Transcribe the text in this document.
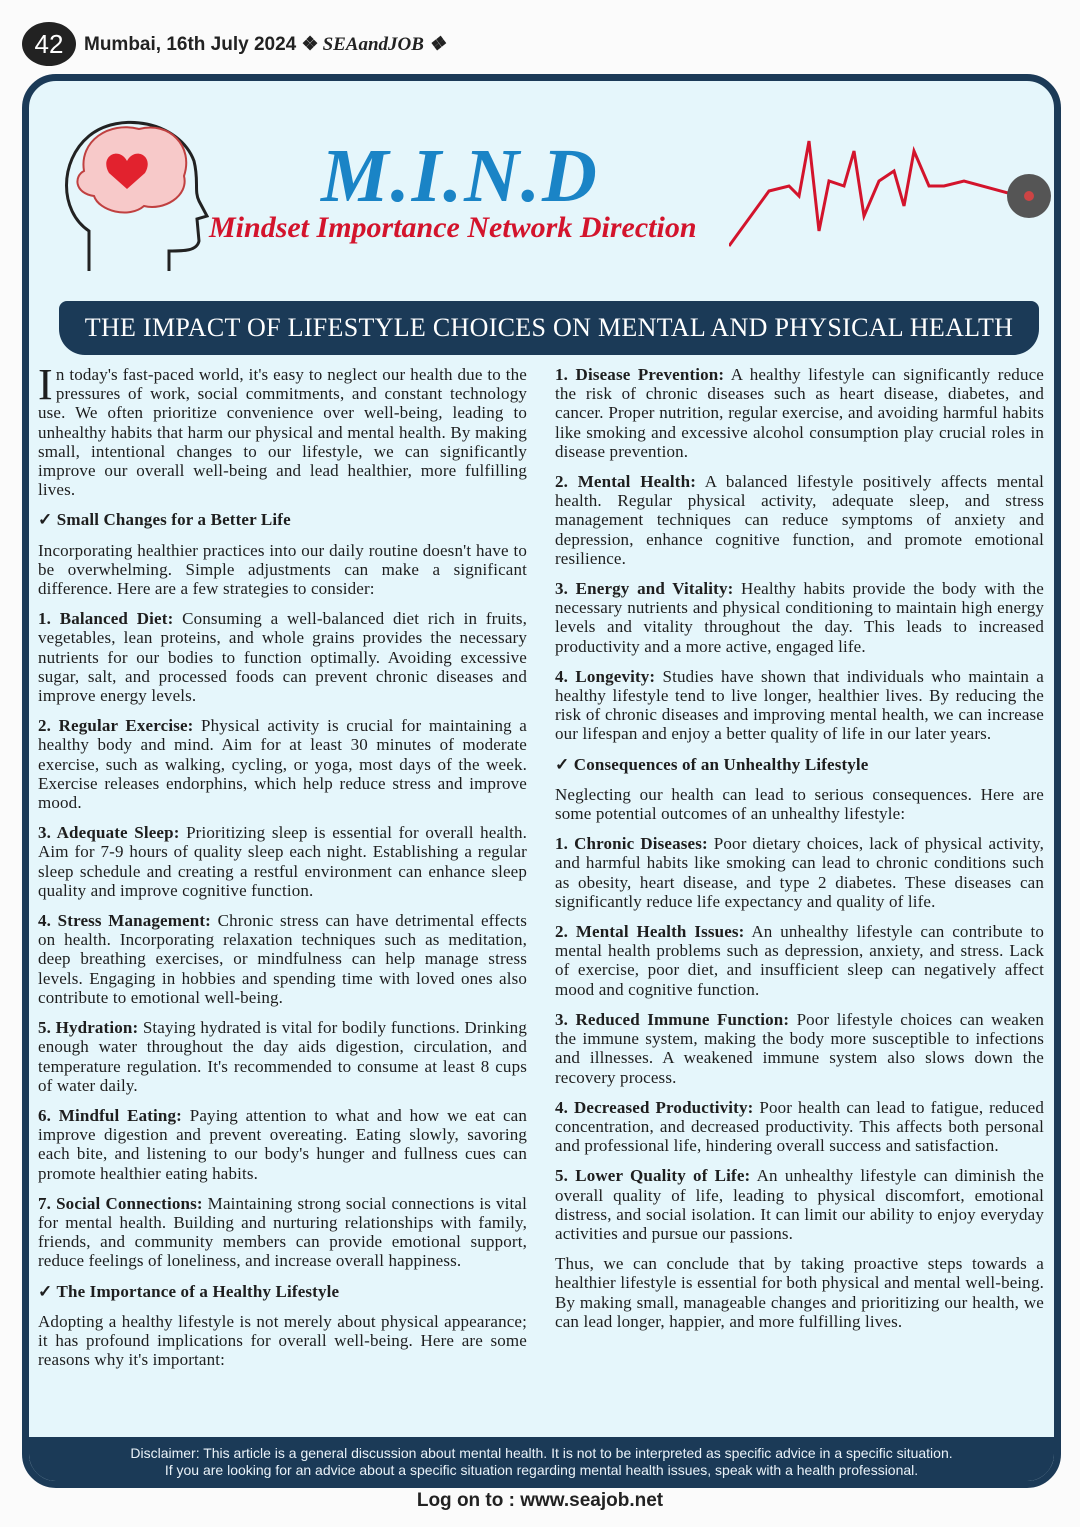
42	Mumbai, 16th July 2024 ❖ SEAandJOB ❖
M.I.N.D
Mindset Importance Network Direction
THE IMPACT OF LIFESTYLE CHOICES ON MENTAL AND PHYSICAL HEALTH

In today's fast-paced world, it's easy to neglect our health due to the pressures of work, social commitments, and constant technology use. We often prioritize convenience over well-being, leading to unhealthy habits that harm our physical and mental health. By making small, intentional changes to our lifestyle, we can significantly improve our overall well-being and lead healthier, more fulfilling lives.

✓ Small Changes for a Better Life

Incorporating healthier practices into our daily routine doesn't have to be overwhelming. Simple adjustments can make a significant difference. Here are a few strategies to consider:

1. Balanced Diet: Consuming a well-balanced diet rich in fruits, vegetables, lean proteins, and whole grains provides the necessary nutrients for our bodies to function optimally. Avoiding excessive sugar, salt, and processed foods can prevent chronic diseases and improve energy levels.

2. Regular Exercise: Physical activity is crucial for maintaining a healthy body and mind. Aim for at least 30 minutes of moderate exercise, such as walking, cycling, or yoga, most days of the week. Exercise releases endorphins, which help reduce stress and improve mood.

3. Adequate Sleep: Prioritizing sleep is essential for overall health. Aim for 7-9 hours of quality sleep each night. Establishing a regular sleep schedule and creating a restful environment can enhance sleep quality and improve cognitive function.

4. Stress Management: Chronic stress can have detrimental effects on health. Incorporating relaxation techniques such as meditation, deep breathing exercises, or mindfulness can help manage stress levels. Engaging in hobbies and spending time with loved ones also contribute to emotional well-being.

5. Hydration: Staying hydrated is vital for bodily functions. Drinking enough water throughout the day aids digestion, circulation, and temperature regulation. It's recommended to consume at least 8 cups of water daily.

6. Mindful Eating: Paying attention to what and how we eat can improve digestion and prevent overeating. Eating slowly, savoring each bite, and listening to our body's hunger and fullness cues can promote healthier eating habits.

7. Social Connections: Maintaining strong social connections is vital for mental health. Building and nurturing relationships with family, friends, and community members can provide emotional support, reduce feelings of loneliness, and increase overall happiness.

✓ The Importance of a Healthy Lifestyle

Adopting a healthy lifestyle is not merely about physical appearance; it has profound implications for overall well-being. Here are some reasons why it's important:

1. Disease Prevention: A healthy lifestyle can significantly reduce the risk of chronic diseases such as heart disease, diabetes, and cancer. Proper nutrition, regular exercise, and avoiding harmful habits like smoking and excessive alcohol consumption play crucial roles in disease prevention.

2. Mental Health: A balanced lifestyle positively affects mental health. Regular physical activity, adequate sleep, and stress management techniques can reduce symptoms of anxiety and depression, enhance cognitive function, and promote emotional resilience.

3. Energy and Vitality: Healthy habits provide the body with the necessary nutrients and physical conditioning to maintain high energy levels and vitality throughout the day. This leads to increased productivity and a more active, engaged life.

4. Longevity: Studies have shown that individuals who maintain a healthy lifestyle tend to live longer, healthier lives. By reducing the risk of chronic diseases and improving mental health, we can increase our lifespan and enjoy a better quality of life in our later years.

✓ Consequences of an Unhealthy Lifestyle

Neglecting our health can lead to serious consequences. Here are some potential outcomes of an unhealthy lifestyle:

1. Chronic Diseases: Poor dietary choices, lack of physical activity, and harmful habits like smoking can lead to chronic conditions such as obesity, heart disease, and type 2 diabetes. These diseases can significantly reduce life expectancy and quality of life.

2. Mental Health Issues: An unhealthy lifestyle can contribute to mental health problems such as depression, anxiety, and stress. Lack of exercise, poor diet, and insufficient sleep can negatively affect mood and cognitive function.

3. Reduced Immune Function: Poor lifestyle choices can weaken the immune system, making the body more susceptible to infections and illnesses. A weakened immune system also slows down the recovery process.

4. Decreased Productivity: Poor health can lead to fatigue, reduced concentration, and decreased productivity. This affects both personal and professional life, hindering overall success and satisfaction.

5. Lower Quality of Life: An unhealthy lifestyle can diminish the overall quality of life, leading to physical discomfort, emotional distress, and social isolation. It can limit our ability to enjoy everyday activities and pursue our passions.

Thus, we can conclude that by taking proactive steps towards a healthier lifestyle is essential for both physical and mental well-being. By making small, manageable changes and prioritizing our health, we can lead longer, happier, and more fulfilling lives.

Disclaimer: This article is a general discussion about mental health. It is not to be interpreted as specific advice in a specific situation.
If you are looking for an advice about a specific situation regarding mental health issues, speak with a health professional.
Log on to : www.seajob.net
